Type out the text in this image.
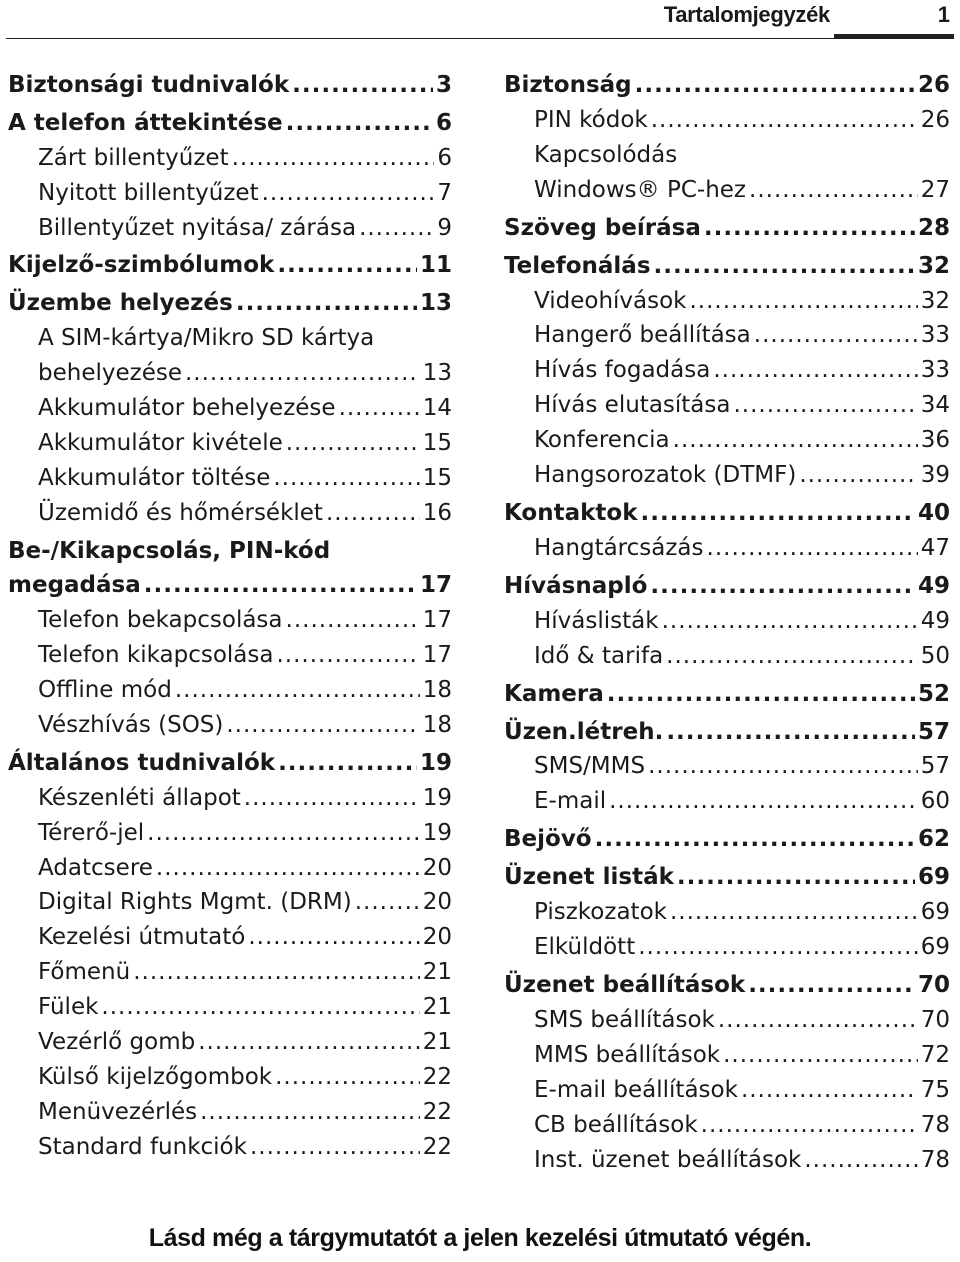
Tartalomjegyzék	1
Biztonsági tudnivalók .....	3
A telefon áttekintése .....	6
Zárt billentyűzet .....	6
Nyitott billentyűzet .....	7
Billentyűzet nyitása/ zárása .....	9
Kijelző-szimbólumok .....	11
Üzembe helyezés .....	13
A SIM-kártya/Mikro SD kártya
behelyezése .....	13
Akkumulátor behelyezése .....	14
Akkumulátor kivétele .....	15
Akkumulátor töltése .....	15
Üzemidő és hőmérséklet .....	16
Be-/Kikapcsolás, PIN-kód
megadása .....	17
Telefon bekapcsolása .....	17
Telefon kikapcsolása .....	17
Offline mód .....	18
Vészhívás (SOS) .....	18
Általános tudnivalók .....	19
Készenléti állapot .....	19
Térerő-jel .....	19
Adatcsere .....	20
Digital Rights Mgmt. (DRM) .....	20
Kezelési útmutató .....	20
Főmenü .....	21
Fülek .....	21
Vezérlő gomb .....	21
Külső kijelzőgombok .....	22
Menüvezérlés .....	22
Standard funkciók .....	22
Biztonság .....	26
PIN kódok .....	26
Kapcsolódás
Windows® PC-hez .....	27
Szöveg beírása .....	28
Telefonálás .....	32
Videohívások .....	32
Hangerő beállítása .....	33
Hívás fogadása .....	33
Hívás elutasítása .....	34
Konferencia .....	36
Hangsorozatok (DTMF) .....	39
Kontaktok .....	40
Hangtárcsázás .....	47
Hívásnapló .....	49
Híváslisták .....	49
Idő & tarifa .....	50
Kamera .....	52
Üzen.létreh. .....	57
SMS/MMS .....	57
E-mail .....	60
Bejövő .....	62
Üzenet listák .....	69
Piszkozatok .....	69
Elküldött .....	69
Üzenet beállítások .....	70
SMS beállítások .....	70
MMS beállítások .....	72
E-mail beállítások .....	75
CB beállítások .....	78
Inst. üzenet beállítások .....	78
Lásd még a tárgymutatót a jelen kezelési útmutató végén.
